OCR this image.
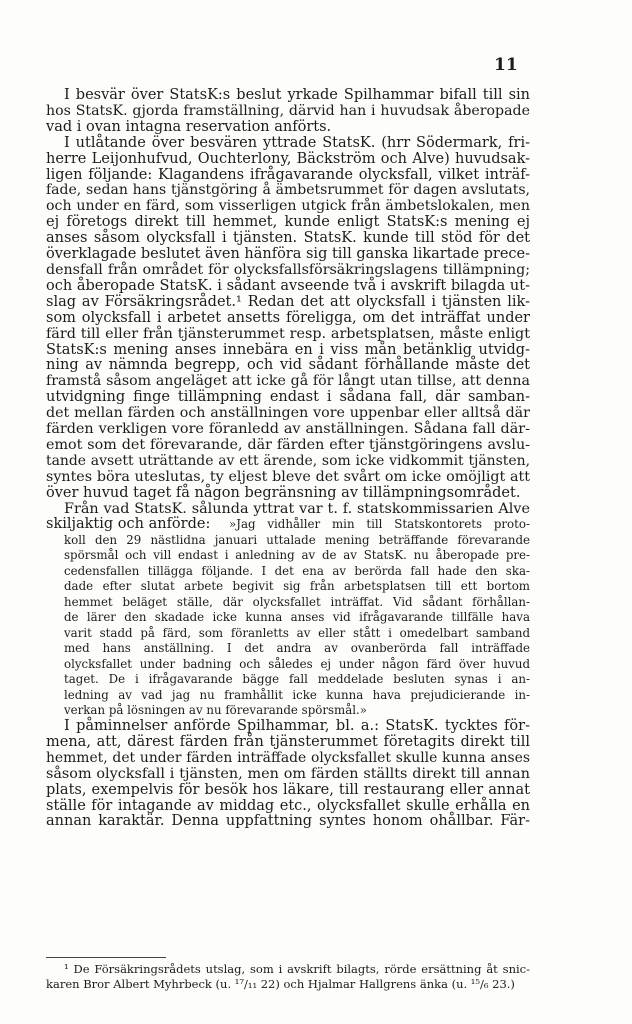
11
I besvär över StatsK:s beslut yrkade Spilhammar bifall till sin
hos StatsK. gjorda framställning, därvid han i huvudsak åberopade
vad i ovan intagna reservation anförts.
I utlåtande över besvären yttrade StatsK. (hrr Södermark, fri-
herre Leijonhufvud, Ouchterlony, Bäckström och Alve) huvudsak-
ligen följande: Klagandens ifrågavarande olycksfall, vilket inträf-
fade, sedan hans tjänstgöring å ämbetsrummet för dagen avslutats,
och under en färd, som visserligen utgick från ämbetslokalen, men
ej företogs direkt till hemmet, kunde enligt StatsK:s mening ej
anses såsom olycksfall i tjänsten. StatsK. kunde till stöd för det
överklagade beslutet även hänföra sig till ganska likartade prece-
densfall från området för olycksfallsförsäkringslagens tillämpning;
och åberopade StatsK. i sådant avseende två i avskrift bilagda ut-
slag av Försäkringsrådet.¹ Redan det att olycksfall i tjänsten lik-
som olycksfall i arbetet ansetts föreligga, om det inträffat under
färd till eller från tjänsterummet resp. arbetsplatsen, måste enligt
StatsK:s mening anses innebära en i viss mån betänklig utvidg-
ning av nämnda begrepp, och vid sådant förhållande måste det
framstå såsom angeläget att icke gå för långt utan tillse, att denna
utvidgning finge tillämpning endast i sådana fall, där samban-
det mellan färden och anställningen vore uppenbar eller alltså där
färden verkligen vore föranledd av anställningen. Sådana fall där-
emot som det förevarande, där färden efter tjänstgöringens avslu-
tande avsett uträttande av ett ärende, som icke vidkommit tjänsten,
syntes böra uteslutas, ty eljest bleve det svårt om icke omöjligt att
över huvud taget få någon begränsning av tillämpningsområdet.
Från vad StatsK. sålunda yttrat var t. f. statskommissarien Alve
skiljaktig och anförde:	»Jag vidhåller min till Statskontorets proto-
koll den 29 nästlidna januari uttalade mening beträffande förevarande
spörsmål och vill endast i anledning av de av StatsK. nu åberopade pre-
cedensfallen tillägga följande. I det ena av berörda fall hade den ska-
dade efter slutat arbete begivit sig från arbetsplatsen till ett bortom
hemmet beläget ställe, där olycksfallet inträffat. Vid sådant förhållan-
de lärer den skadade icke kunna anses vid ifrågavarande tillfälle hava
varit stadd på färd, som föranletts av eller stått i omedelbart samband
med hans anställning. I det andra av ovanberörda fall inträffade
olycksfallet under badning och således ej under någon färd över huvud
taget. De i ifrågavarande bägge fall meddelade besluten synas i an-
ledning av vad jag nu framhållit icke kunna hava prejudicierande in-
verkan på lösningen av nu förevarande spörsmål.»
I påminnelser anförde Spilhammar, bl. a.: StatsK. tycktes för-
mena, att, därest färden från tjänsterummet företagits direkt till
hemmet, det under färden inträffade olycksfallet skulle kunna anses
såsom olycksfall i tjänsten, men om färden ställts direkt till annan
plats, exempelvis för besök hos läkare, till restaurang eller annat
ställe för intagande av middag etc., olycksfallet skulle erhålla en
annan karaktär. Denna uppfattning syntes honom ohållbar. Fär-
¹ De Försäkringsrådets utslag, som i avskrift bilagts, rörde ersättning åt snic-
karen Bror Albert Myhrbeck (u. ¹⁷/₁₁ 22) och Hjalmar Hallgrens änka (u. ¹⁵/₆ 23.)
